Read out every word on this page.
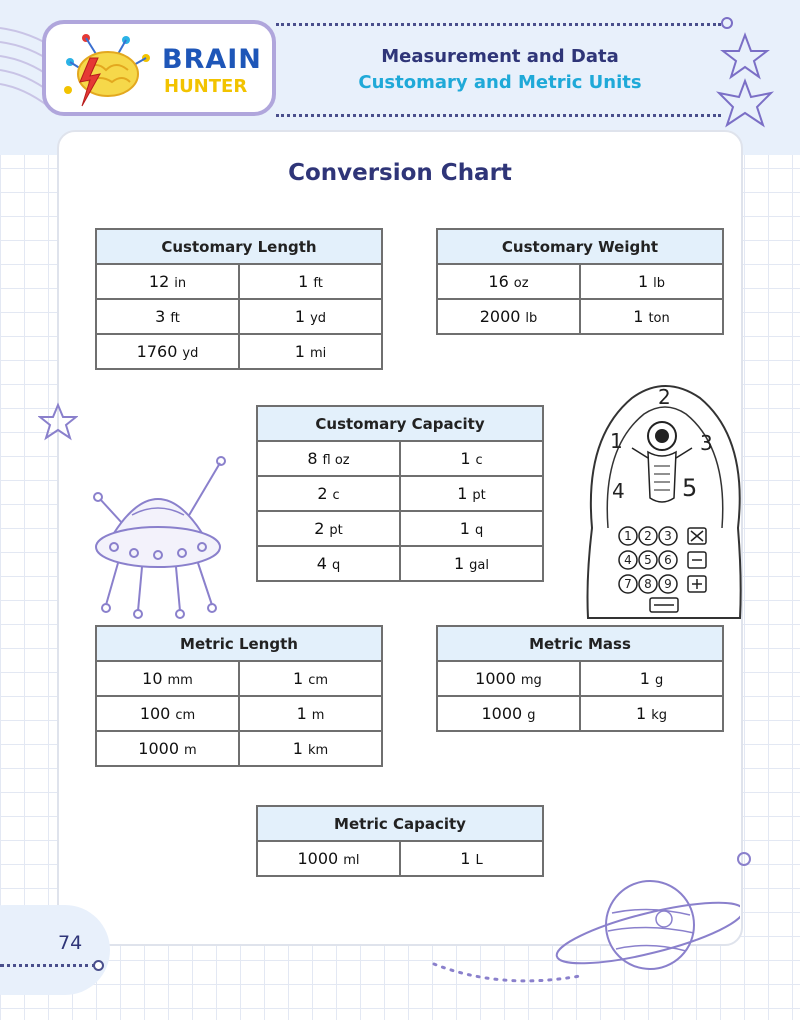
BRAIN
HUNTER
Measurement and Data
Customary and Metric Units
Conversion Chart
Customary Length	
12 in	1 ft
3 ft	1 yd
1760 yd	1 mi
Customary Weight	
16 oz	1 lb
2000 lb	1 ton
Customary Capacity	
8 fl oz	1 c
2 c	1 pt
2 pt	1 q
4 q	1 gal
Metric Length	
10 mm	1 cm
100 cm	1 m
1000 m	1 km
Metric Mass	
1000 mg	1 g
1000 g	1 kg
Metric Capacity
1000 ml	1 L
2
1	3
4 5
1 2 3
4 5 6
7 8 9
74
